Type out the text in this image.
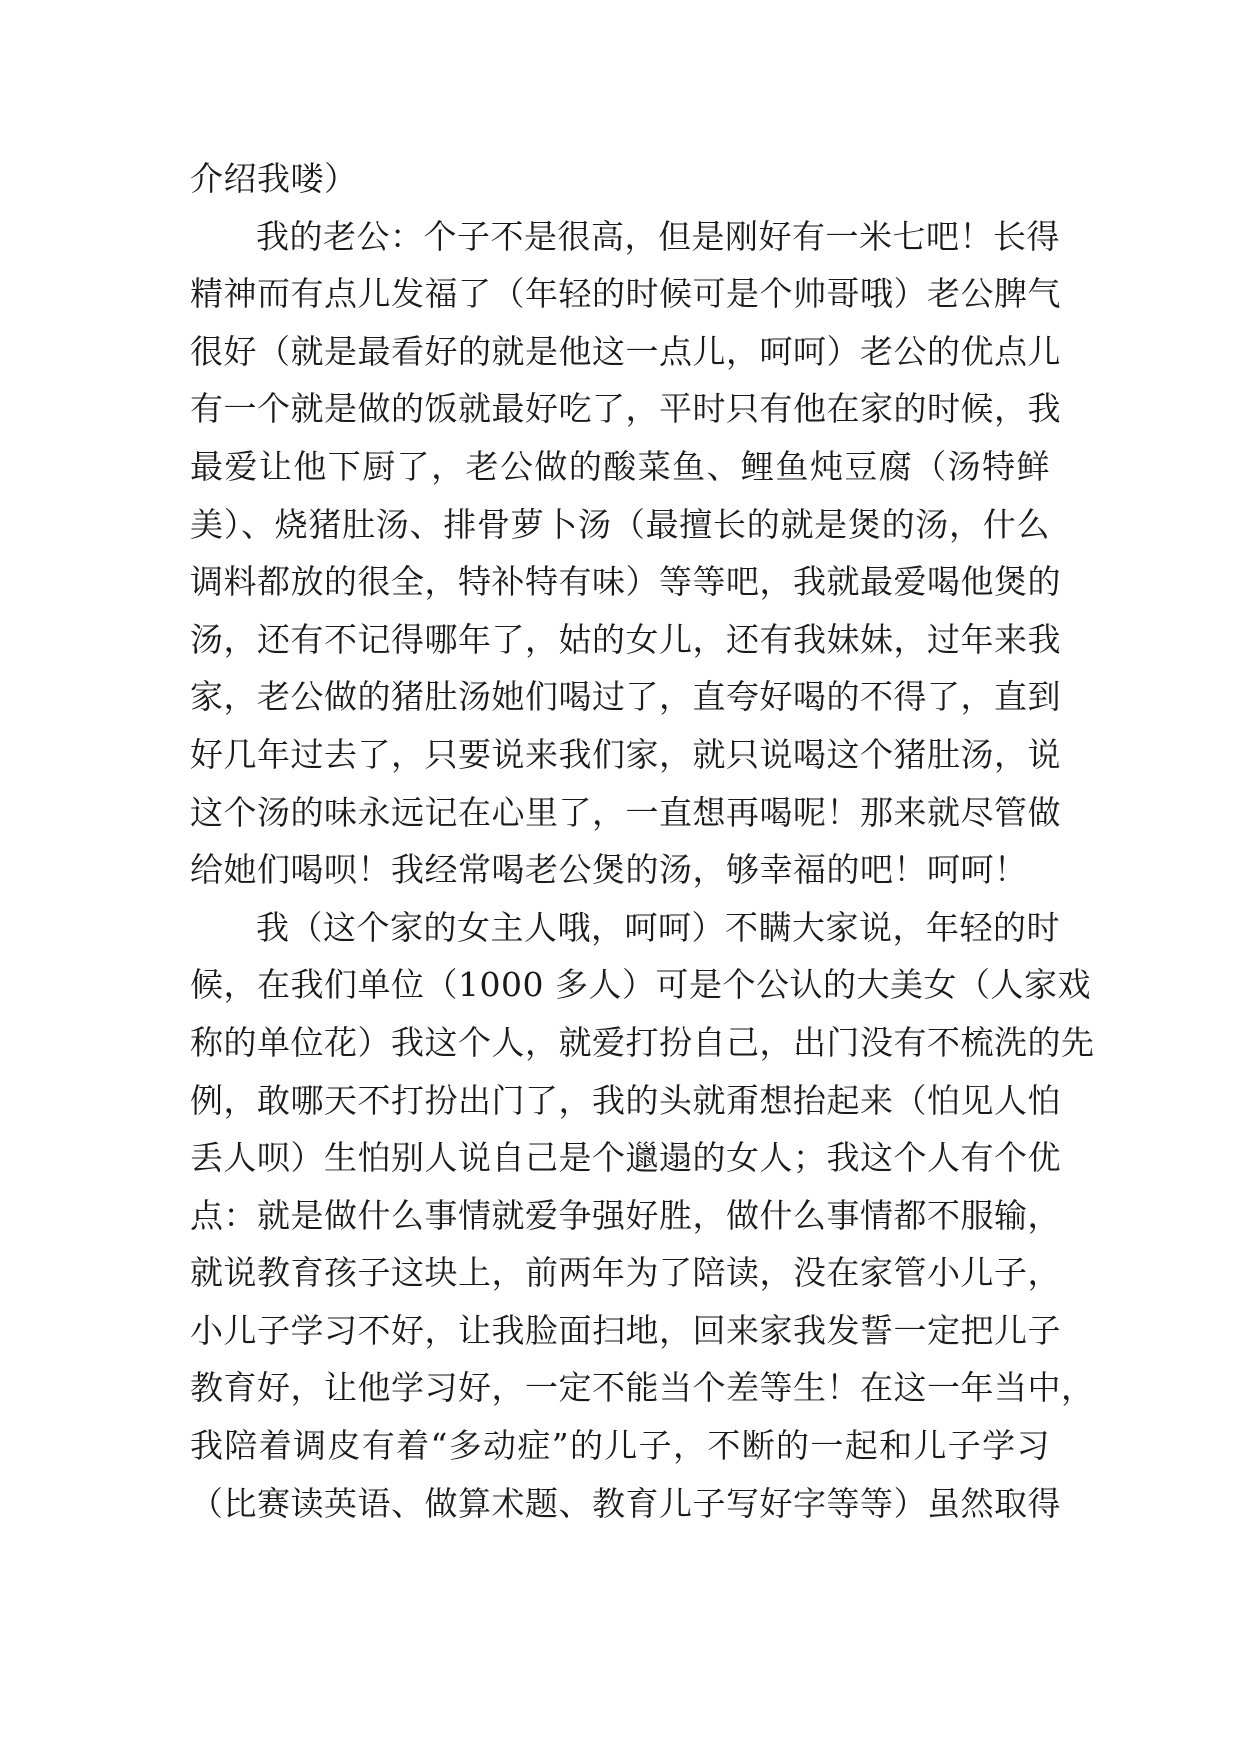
介绍我喽）
我的老公：个子不是很高，但是刚好有一米七吧！长得
精神而有点儿发福了（年轻的时候可是个帅哥哦）老公脾气
很好（就是最看好的就是他这一点儿，呵呵）老公的优点儿
有一个就是做的饭就最好吃了，平时只有他在家的时候，我
最爱让他下厨了，老公做的酸菜鱼、鲤鱼炖豆腐（汤特鲜
美）、烧猪肚汤、排骨萝卜汤（最擅长的就是煲的汤，什么
调料都放的很全，特补特有味）等等吧，我就最爱喝他煲的
汤，还有不记得哪年了，姑的女儿，还有我妹妹，过年来我
家，老公做的猪肚汤她们喝过了，直夸好喝的不得了，直到
好几年过去了，只要说来我们家，就只说喝这个猪肚汤，说
这个汤的味永远记在心里了，一直想再喝呢！那来就尽管做
给她们喝呗！我经常喝老公煲的汤，够幸福的吧！呵呵！
我（这个家的女主人哦，呵呵）不瞒大家说，年轻的时
候，在我们单位（1000 多人）可是个公认的大美女（人家戏
称的单位花）我这个人，就爱打扮自己，出门没有不梳洗的先
例，敢哪天不打扮出门了，我的头就甭想抬起来（怕见人怕
丢人呗）生怕别人说自己是个邋遢的女人；我这个人有个优
点：就是做什么事情就爱争强好胜，做什么事情都不服输，
就说教育孩子这块上，前两年为了陪读，没在家管小儿子，
小儿子学习不好，让我脸面扫地，回来家我发誓一定把儿子
教育好，让他学习好，一定不能当个差等生！在这一年当中，
我陪着调皮有着“多动症”的儿子，不断的一起和儿子学习
（比赛读英语、做算术题、教育儿子写好字等等）虽然取得
